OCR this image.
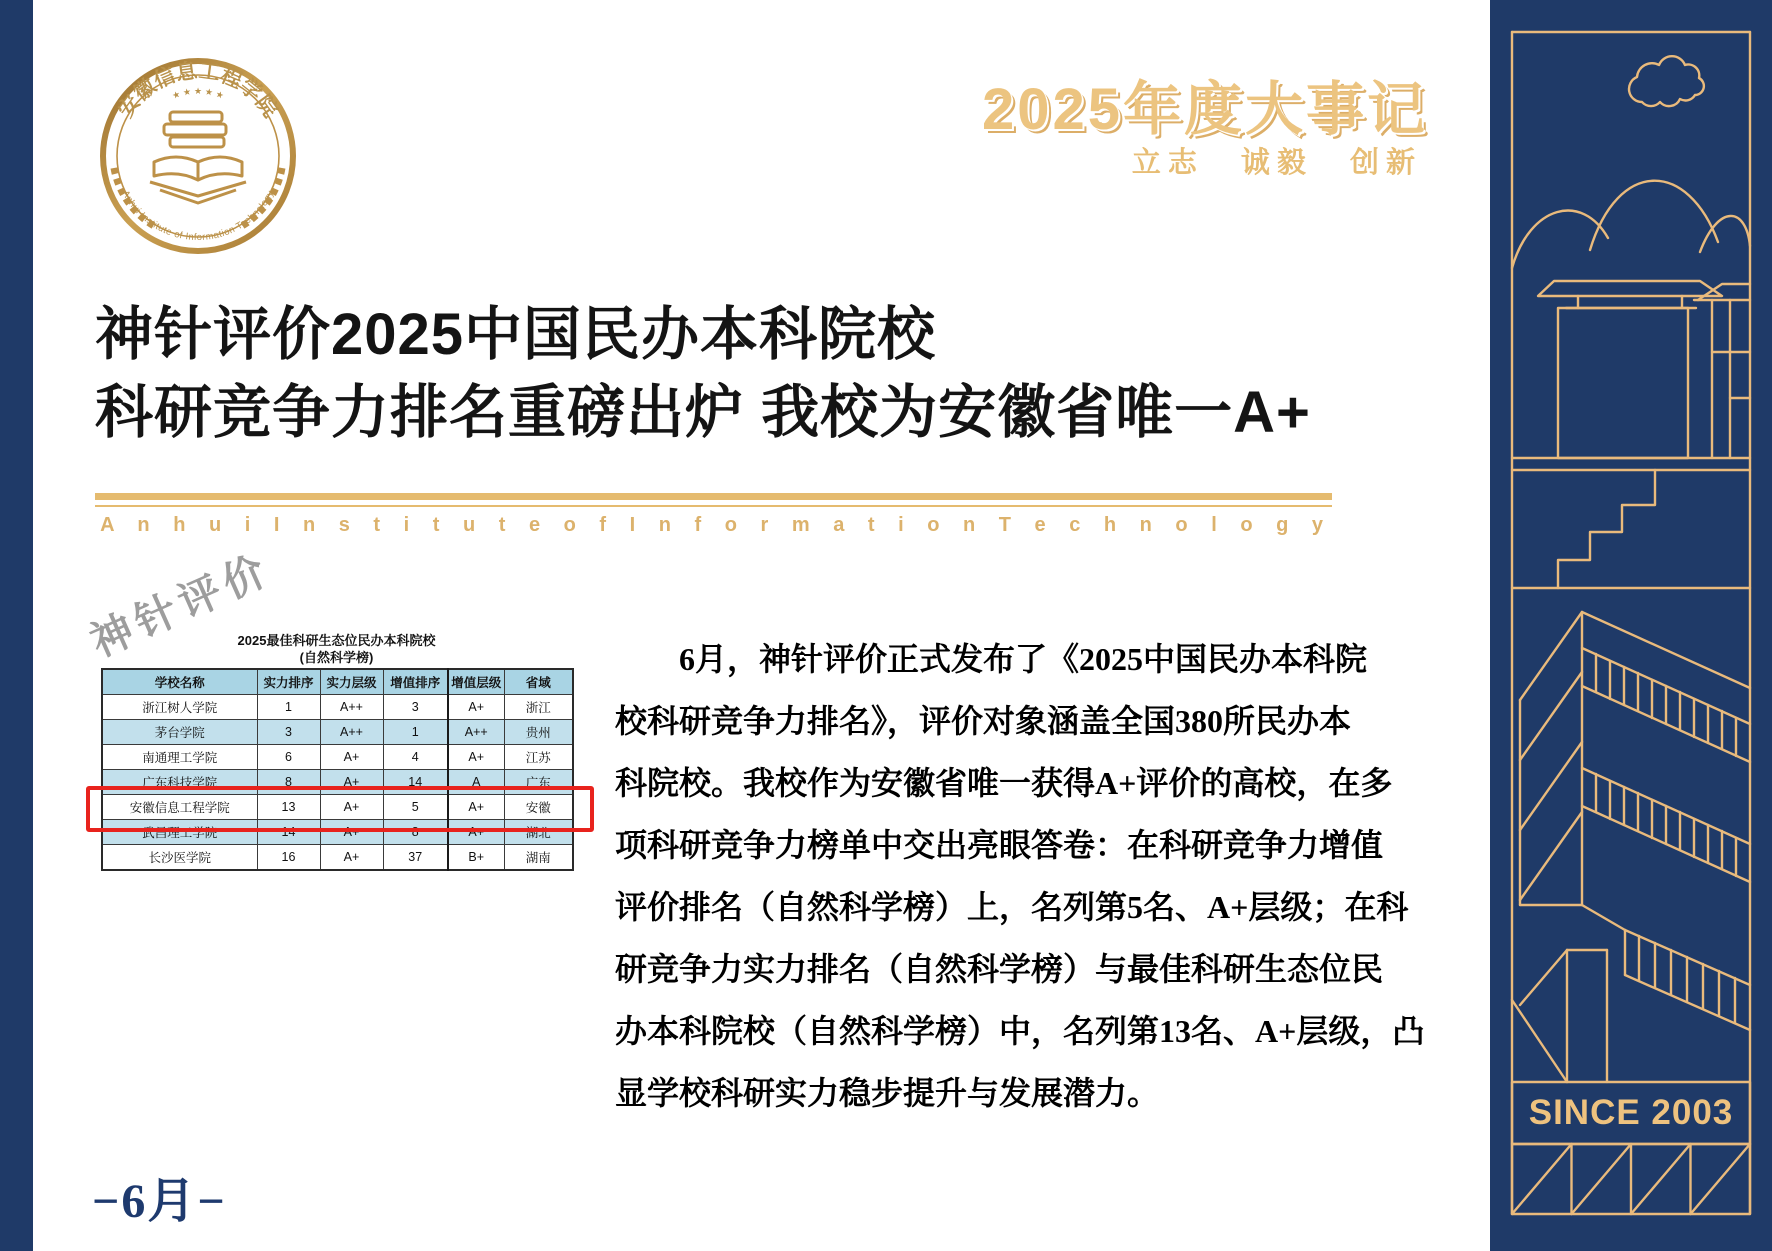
安徽信息工程学院
★ ★ ★ ★ ★
Anhui Institute of Information Technology
2025年度大事记
立志 诚毅 创新
神针评价2025中国民办本科院校
科研竞争力排名重磅出炉 我校为安徽省唯一A+
A n h u i I n s t i t u t e o f I n f o r m a t i o n T e c h n o l o g y
2025最佳科研生态位民办本科院校
(自然科学榜)
神针评价
学校名称	实力排序	实力层级	增值排序	增值层级	省域
浙江树人学院	1	A++	3	A+	浙江
茅台学院	3	A++	1	A++	贵州
南通理工学院	6	A+	4	A+	江苏
广东科技学院	8	A+	14	A	广东
安徽信息工程学院	13	A+	5	A+	安徽
武昌理工学院	14	A+	8	A+	湖北
长沙医学院	16	A+	37	B+	湖南
6月，神针评价正式发布了《2025中国民办本科院
校科研竞争力排名》，评价对象涵盖全国380所民办本
科院校。我校作为安徽省唯一获得A+评价的高校，在多
项科研竞争力榜单中交出亮眼答卷：在科研竞争力增值
评价排名（自然科学榜）上，名列第5名、A+层级；在科
研竞争力实力排名（自然科学榜）与最佳科研生态位民
办本科院校（自然科学榜）中，名列第13名、A+层级，凸
显学校科研实力稳步提升与发展潜力。
−6月−
SINCE 2003
